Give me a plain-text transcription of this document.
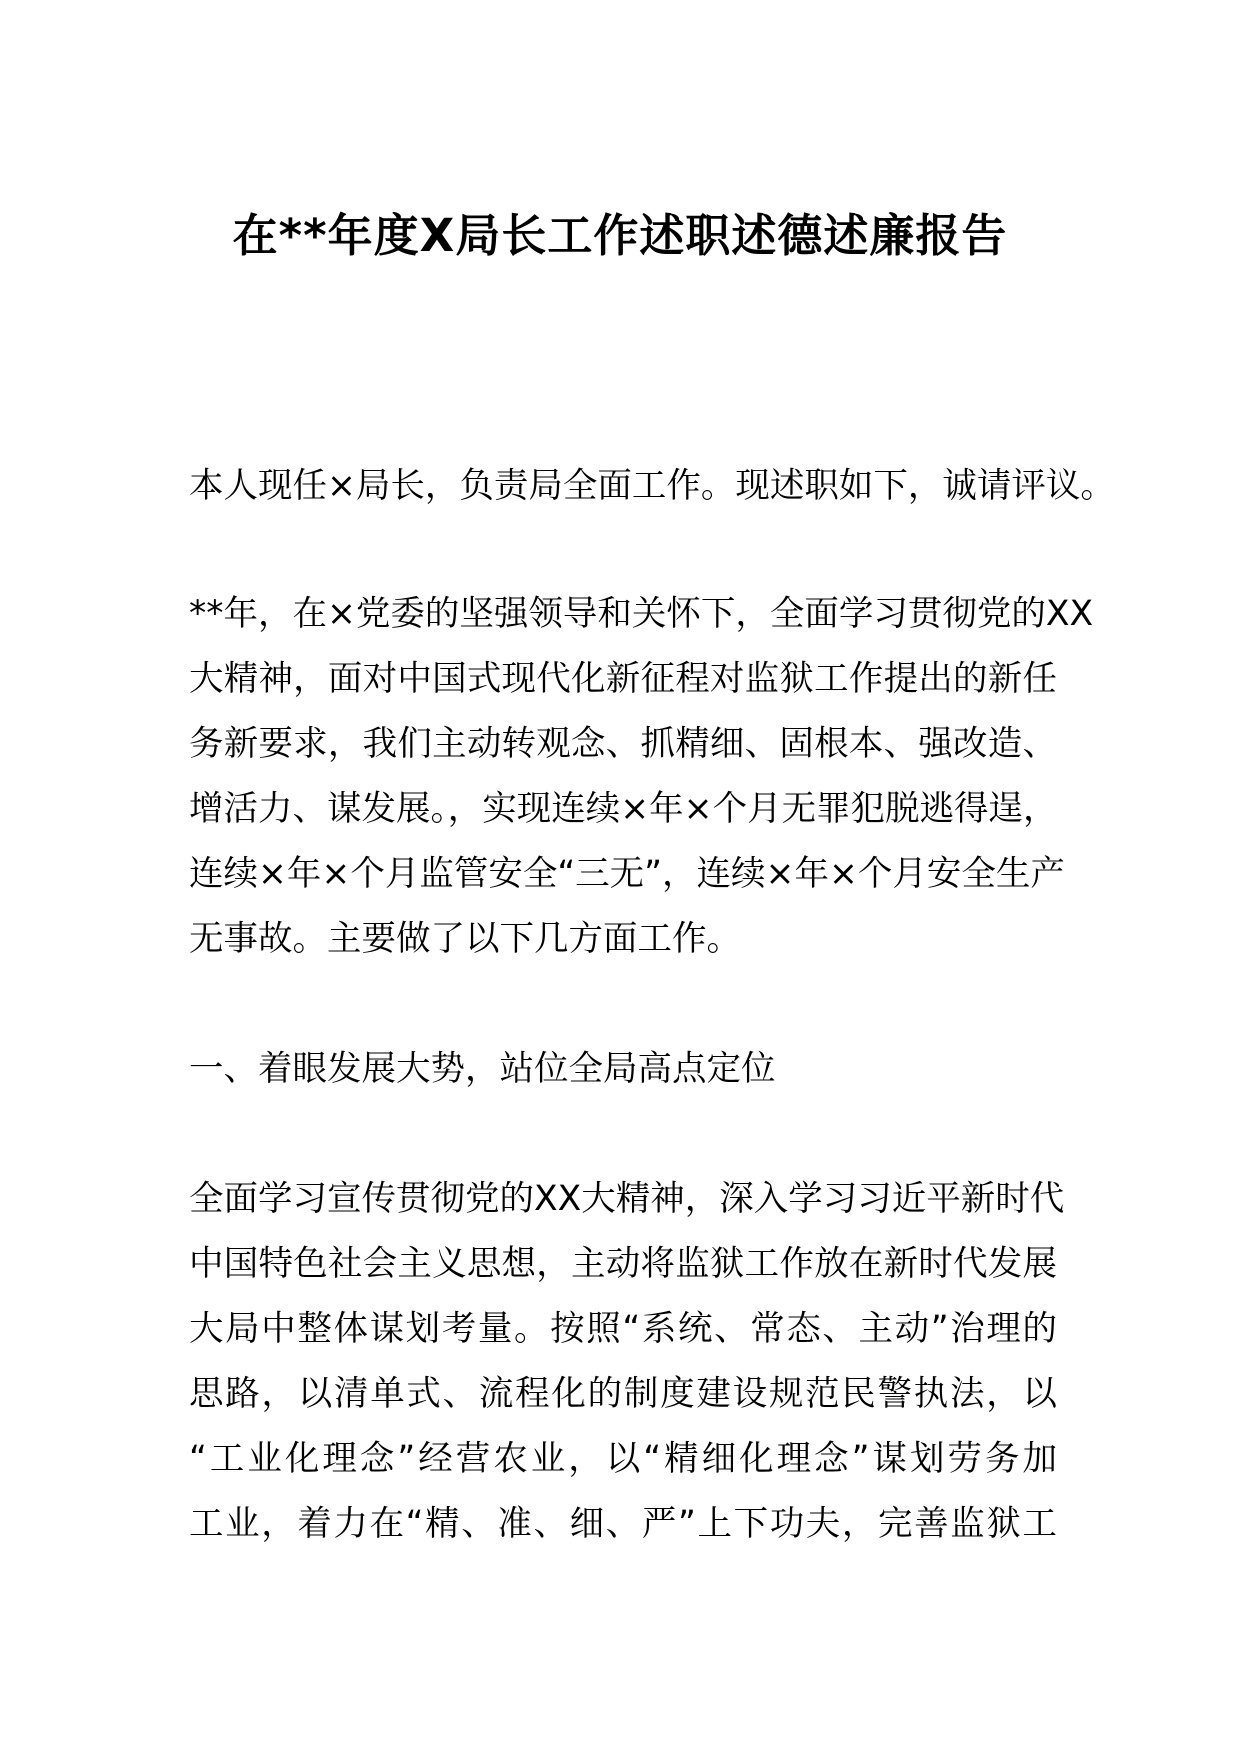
在**年度X局长工作述职述德述廉报告
本人现任×局长，负责局全面工作。现述职如下，诚请评议。
**年，在×党委的坚强领导和关怀下，全面学习贯彻党的XX
大精神，面对中国式现代化新征程对监狱工作提出的新任
务新要求，我们主动转观念、抓精细、固根本、强改造、
增活力、谋发展。，实现连续×年×个月无罪犯脱逃得逞，
连续×年×个月监管安全“三无”，连续×年×个月安全生产
无事故。主要做了以下几方面工作。
一、着眼发展大势，站位全局高点定位
全面学习宣传贯彻党的XX大精神，深入学习习近平新时代
中国特色社会主义思想，主动将监狱工作放在新时代发展
大局中整体谋划考量。按照“系统、常态、主动”治理的
思路，以清单式、流程化的制度建设规范民警执法，以
“工业化理念”经营农业，以“精细化理念”谋划劳务加
工业，着力在“精、准、细、严”上下功夫，完善监狱工
